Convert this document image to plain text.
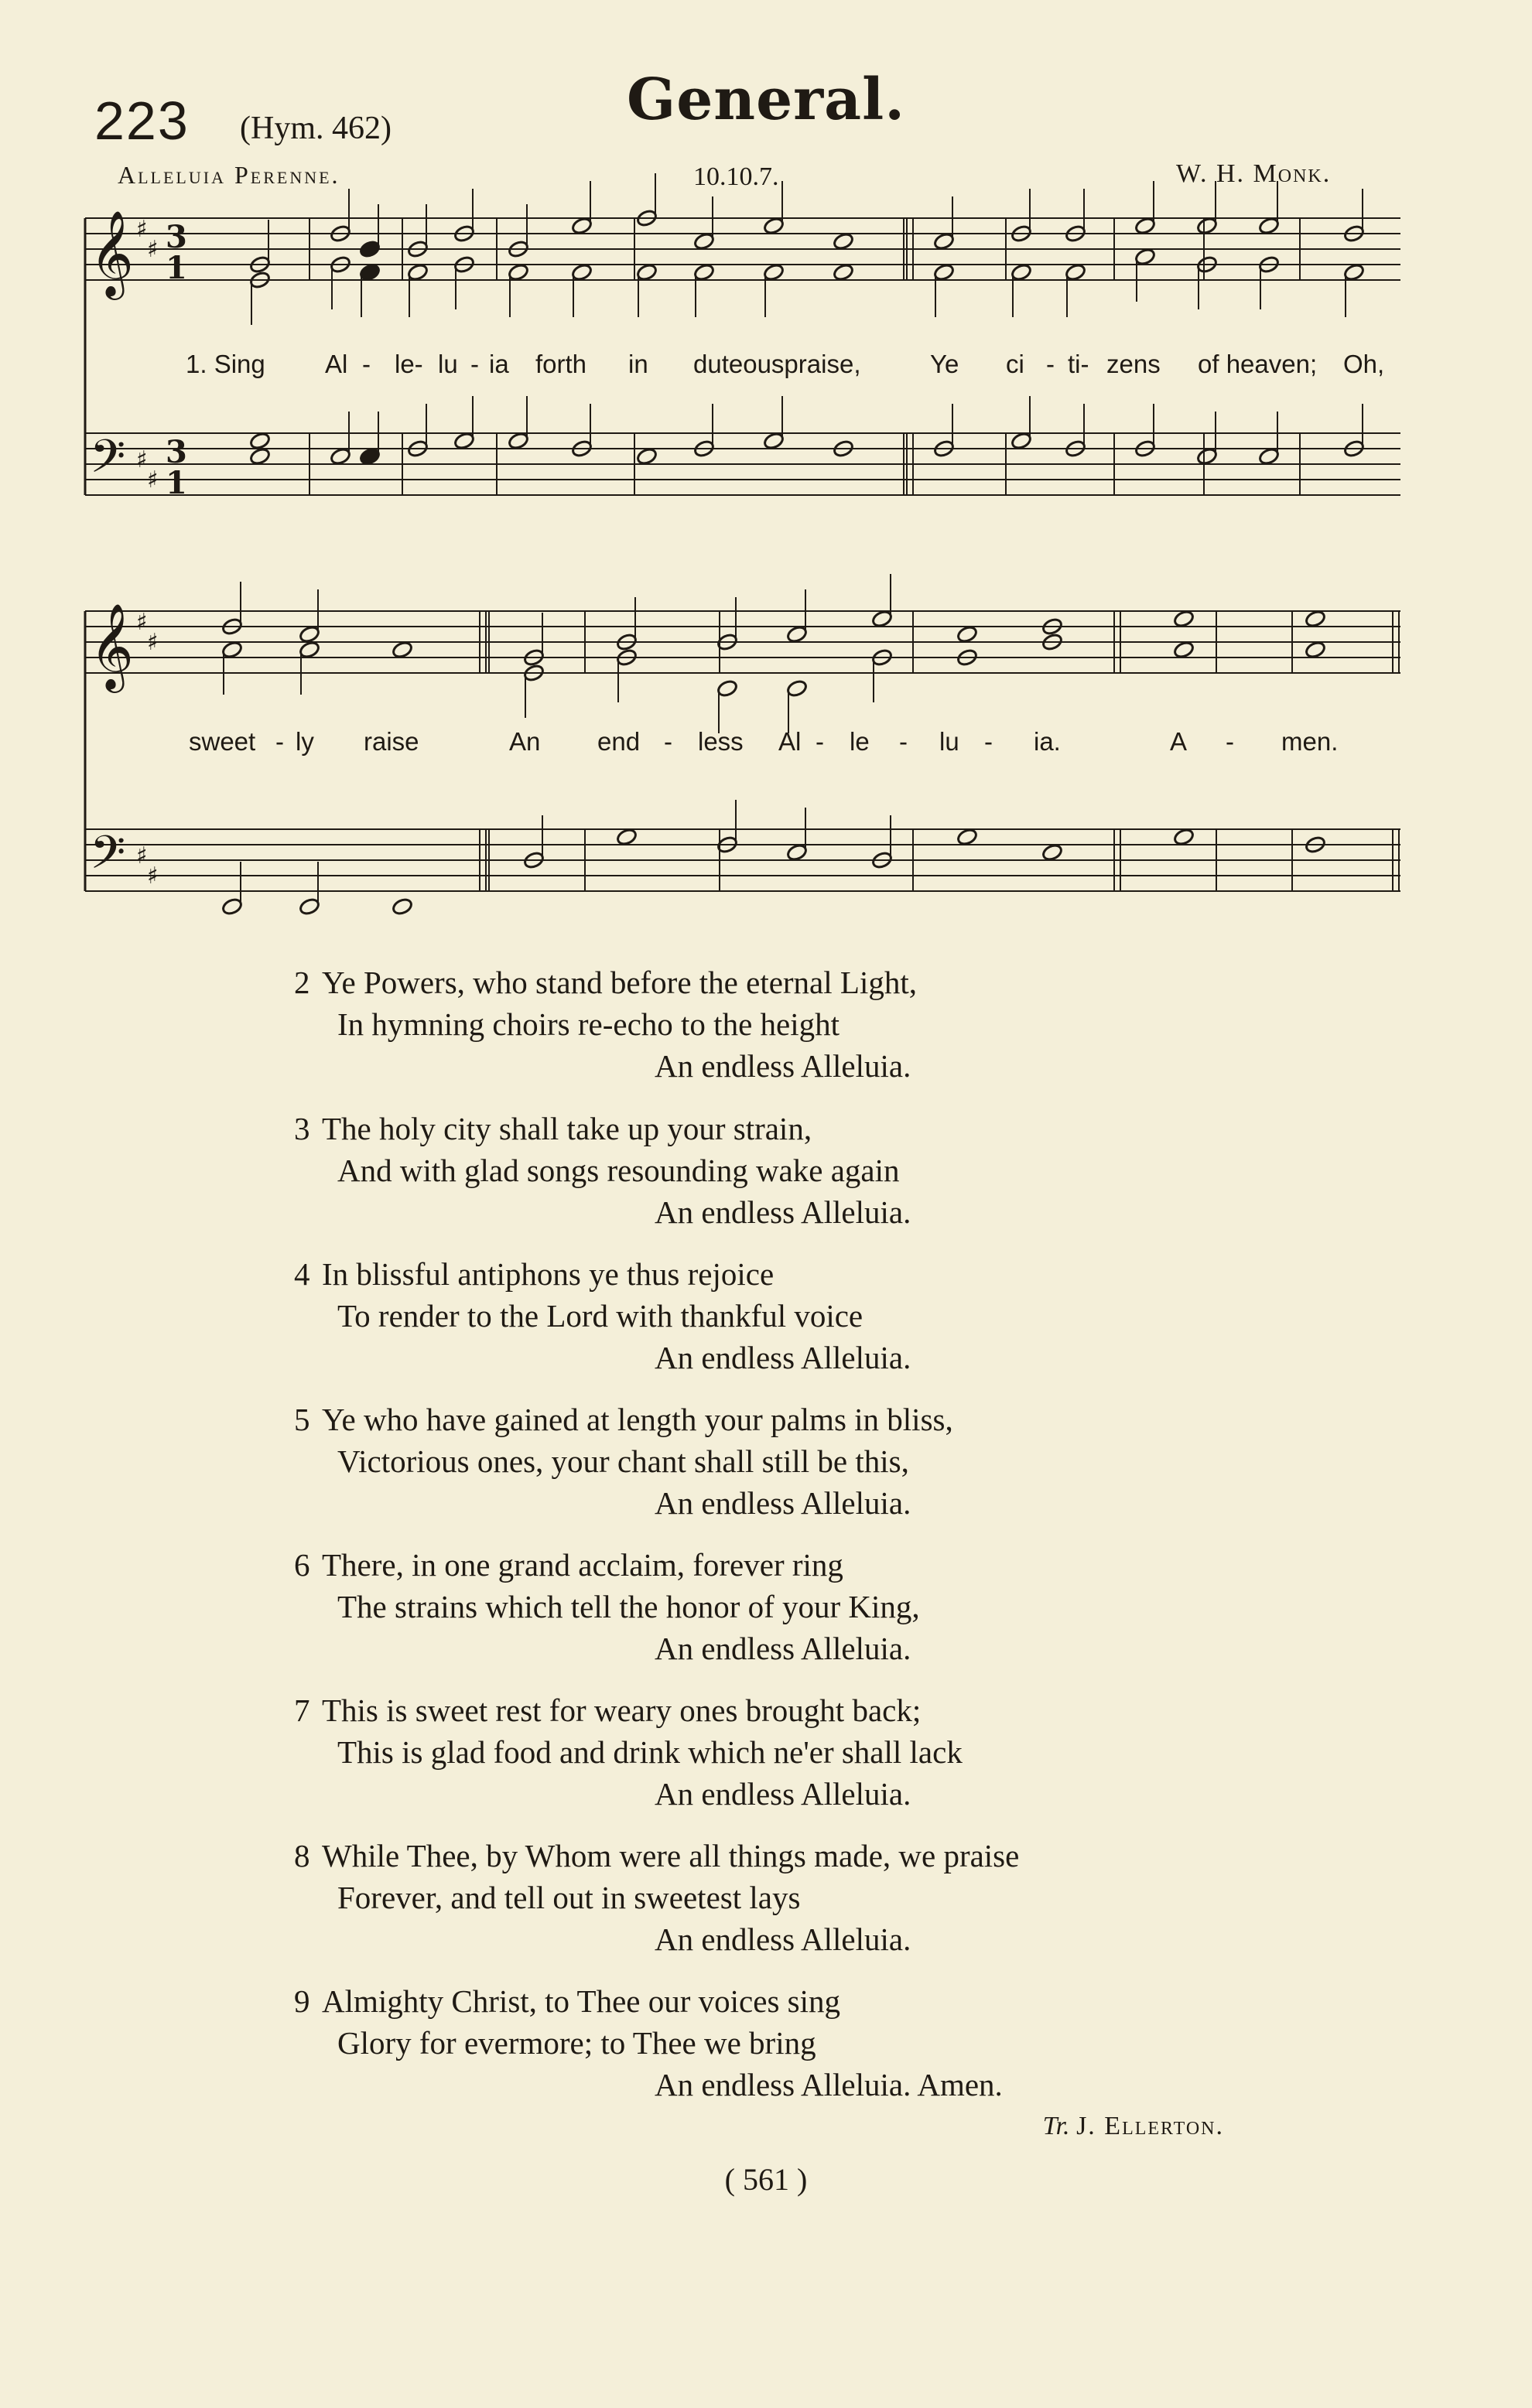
223 (Hym. 462)	General.
Alleluia Perenne.	10.10.7.	W. H. Monk.
𝄞
𝄢
♯
♯
♯
♯
3
1
3
1
𝄞
𝄢
♯
♯
♯
♯
1. Sing Al - le- lu - ia forth in duteouspraise,	Ye ci - ti- zens of heaven; Oh,
sweet - ly raise	An end - less Al - le - lu - ia.	A - men.
2 Ye Powers, who stand before the eternal Light,
In hymning choirs re-echo to the height
An endless Alleluia.
3 The holy city shall take up your strain,
And with glad songs resounding wake again
An endless Alleluia.
4 In blissful antiphons ye thus rejoice
To render to the Lord with thankful voice
An endless Alleluia.
5 Ye who have gained at length your palms in bliss,
Victorious ones, your chant shall still be this,
An endless Alleluia.
6 There, in one grand acclaim, forever ring
The strains which tell the honor of your King,
An endless Alleluia.
7 This is sweet rest for weary ones brought back;
This is glad food and drink which ne'er shall lack
An endless Alleluia.
8 While Thee, by Whom were all things made, we praise
Forever, and tell out in sweetest lays
An endless Alleluia.
9 Almighty Christ, to Thee our voices sing
Glory for evermore; to Thee we bring
An endless Alleluia. Amen.
Tr. J. Ellerton.
( 561 )
